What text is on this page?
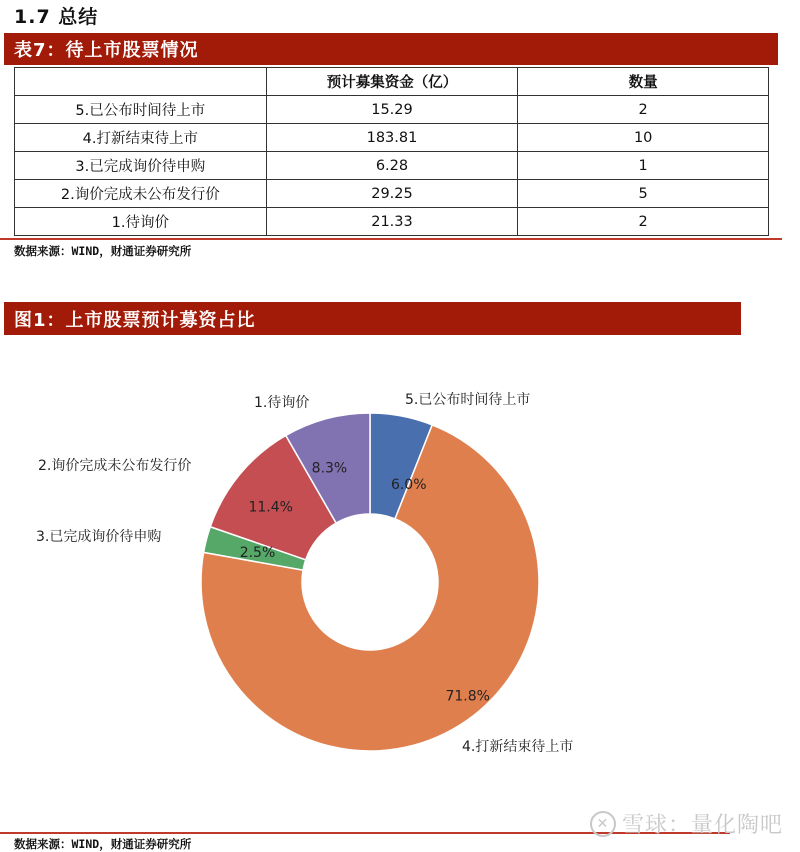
1.7 总结
表7：待上市股票情况
	预计募集资金（亿）	数量
5.已公布时间待上市	15.29	2
4.打新结束待上市	183.81	10
3.已完成询价待申购	6.28	1
2.询价完成未公布发行价	29.25	5
1.待询价	21.33	2
数据来源：WIND，财通证券研究所
图1：上市股票预计募资占比
6.0%
71.8%
2.5%
11.4%
8.3%
5.已公布时间待上市
4.打新结束待上市
3.已完成询价待申购
2.询价完成未公布发行价
1.待询价
数据来源：WIND，财通证券研究所
✕ 雪球：量化陶吧
